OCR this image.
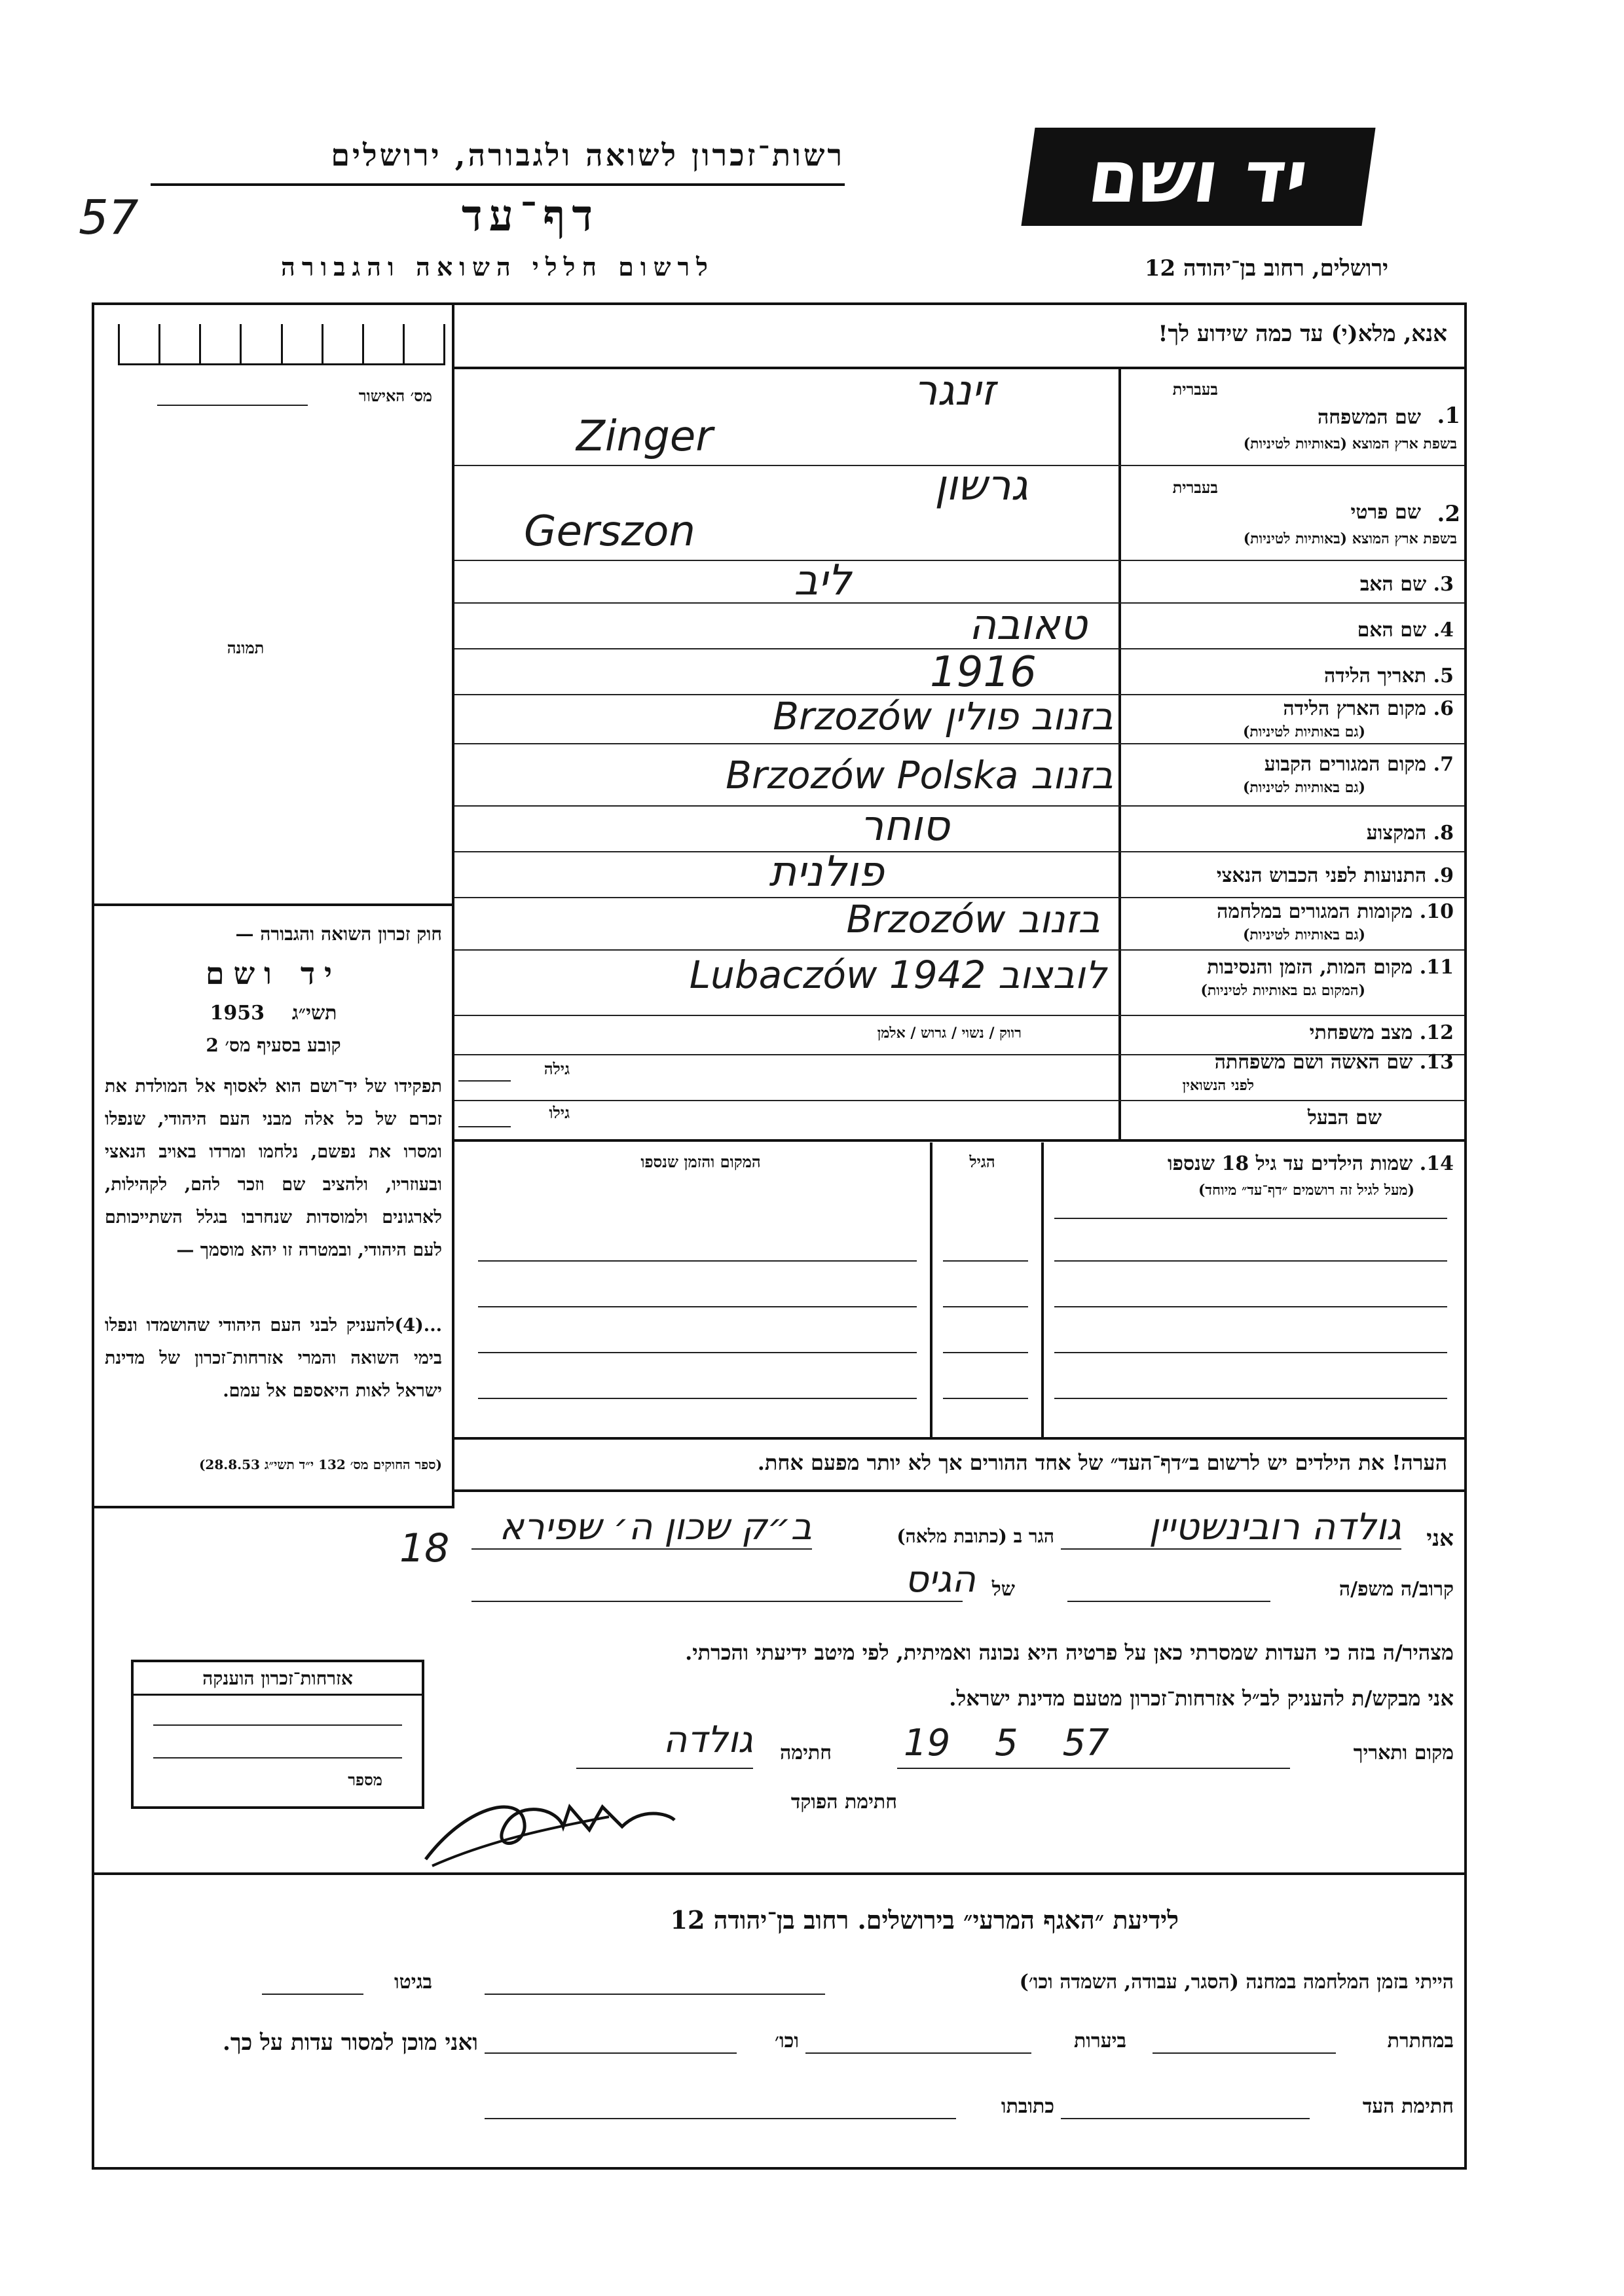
57
רשות־זכרון לשואה ולגבורה, ירושלים
דף־עד
לרשום חללי השואה והגבורה
יד ושם
ירושלים, רחוב בן־יהודה 12
אנא, מלא(י) עד כמה שידוע לך!
מס׳ האישור
תמונה
חוק זכרון השואה והגבורה —
יד ושם
1953 תשי״ג
קובע בסעיף מס׳ 2
תפקידו של יד־ושם הוא לאסוף אל המולדת את זכרם של כל אלה מבני העם היהודי, שנפלו ומסרו את נפשם, נלחמו ומרדו באויב הנאצי ובעוזריו, ולהציב שם וזכר להם, לקהילות, לארגונים ולמוסדות שנחרבו בגלל השתייכותם לעם היהודי, ובמטרה זו יהא מוסמך —
...(4)להעניק לבני העם היהודי שהושמדו ונפלו בימי השואה והמרי אזרחות־זכרון של מדינת ישראל לאות היאספם אל עמם.
(ספר החוקים מס׳ 132 י״ד תשי״ג 28.8.53)
1.
שם המשפחה
בשפת ארץ המוצא (באותיות לטיניות)
בעברית
זינגר
Zinger
2.
שם פרטי
בשפת ארץ המוצא (באותיות לטיניות)
בעברית
גרשון
Gerszon
3. שם האב
ליב
4. שם האם
טאובה
5. תאריך הלידה
1916
6. מקום הארץ הלידה
(גם באותיות לטיניות)
בזנוב פולין Brzozów
7. מקום המגורים הקבוע
(גם באותיות לטיניות)
בזנוב Brzozów Polska
8. המקצוע
סוחר
9. התנועות לפני הכבוש הנאצי
פולנית
10. מקומות המגורים במלחמה
(גם באותיות לטיניות)
בזנוב Brzozów
11. מקום המות, הזמן והנסיבות
(המקום גם באותיות לטיניות)
לובצוב 1942 Lubaczów
12. מצב משפחתי
רווק / נשוי / גרוש / אלמן
13. שם האשה ושם משפחתה
לפני הנשואין
גילה
שם הבעל
גילו
14. שמות הילדים עד גיל 18 שנספו
(מעל לגיל זה רושמים ״דף־עד״ מיוחד)
הגיל
המקום והזמן שנספו
הערה! את הילדים יש לרשום ב״דף־העד״ של אחד ההורים אך לא יותר מפעם אחת.
אני
גולדה רובינשטיין
הגר ב (כתובת מלאה)
ב״ק שכון ה׳ שפירא
18
קרוב/ה משפ/ה
של
הגיס
מצהיר/ה בזה כי העדות שמסרתי כאן על פרטיה היא נכונה ואמיתית, לפי מיטב ידיעתי והכרתי.
אני מבקש/ת להעניק לב״ל אזרחות־זכרון מטעם מדינת ישראל.
מקום ותאריך
19 5 57
חתימה
גולדה
חתימת הפוקד
אזרחות־זכרון הוענקה
מספר
לידיעת ״האגף המרעי״ בירושלים. רחוב בן־יהודה 12
הייתי בזמן המלחמה במחנה (הסגר, עבודה, השמדה וכו׳)
בגיטו
במחתרת
ביערות
וכו׳
ואני מוכן למסור עדות על כך.
חתימת העד
כתובתו
